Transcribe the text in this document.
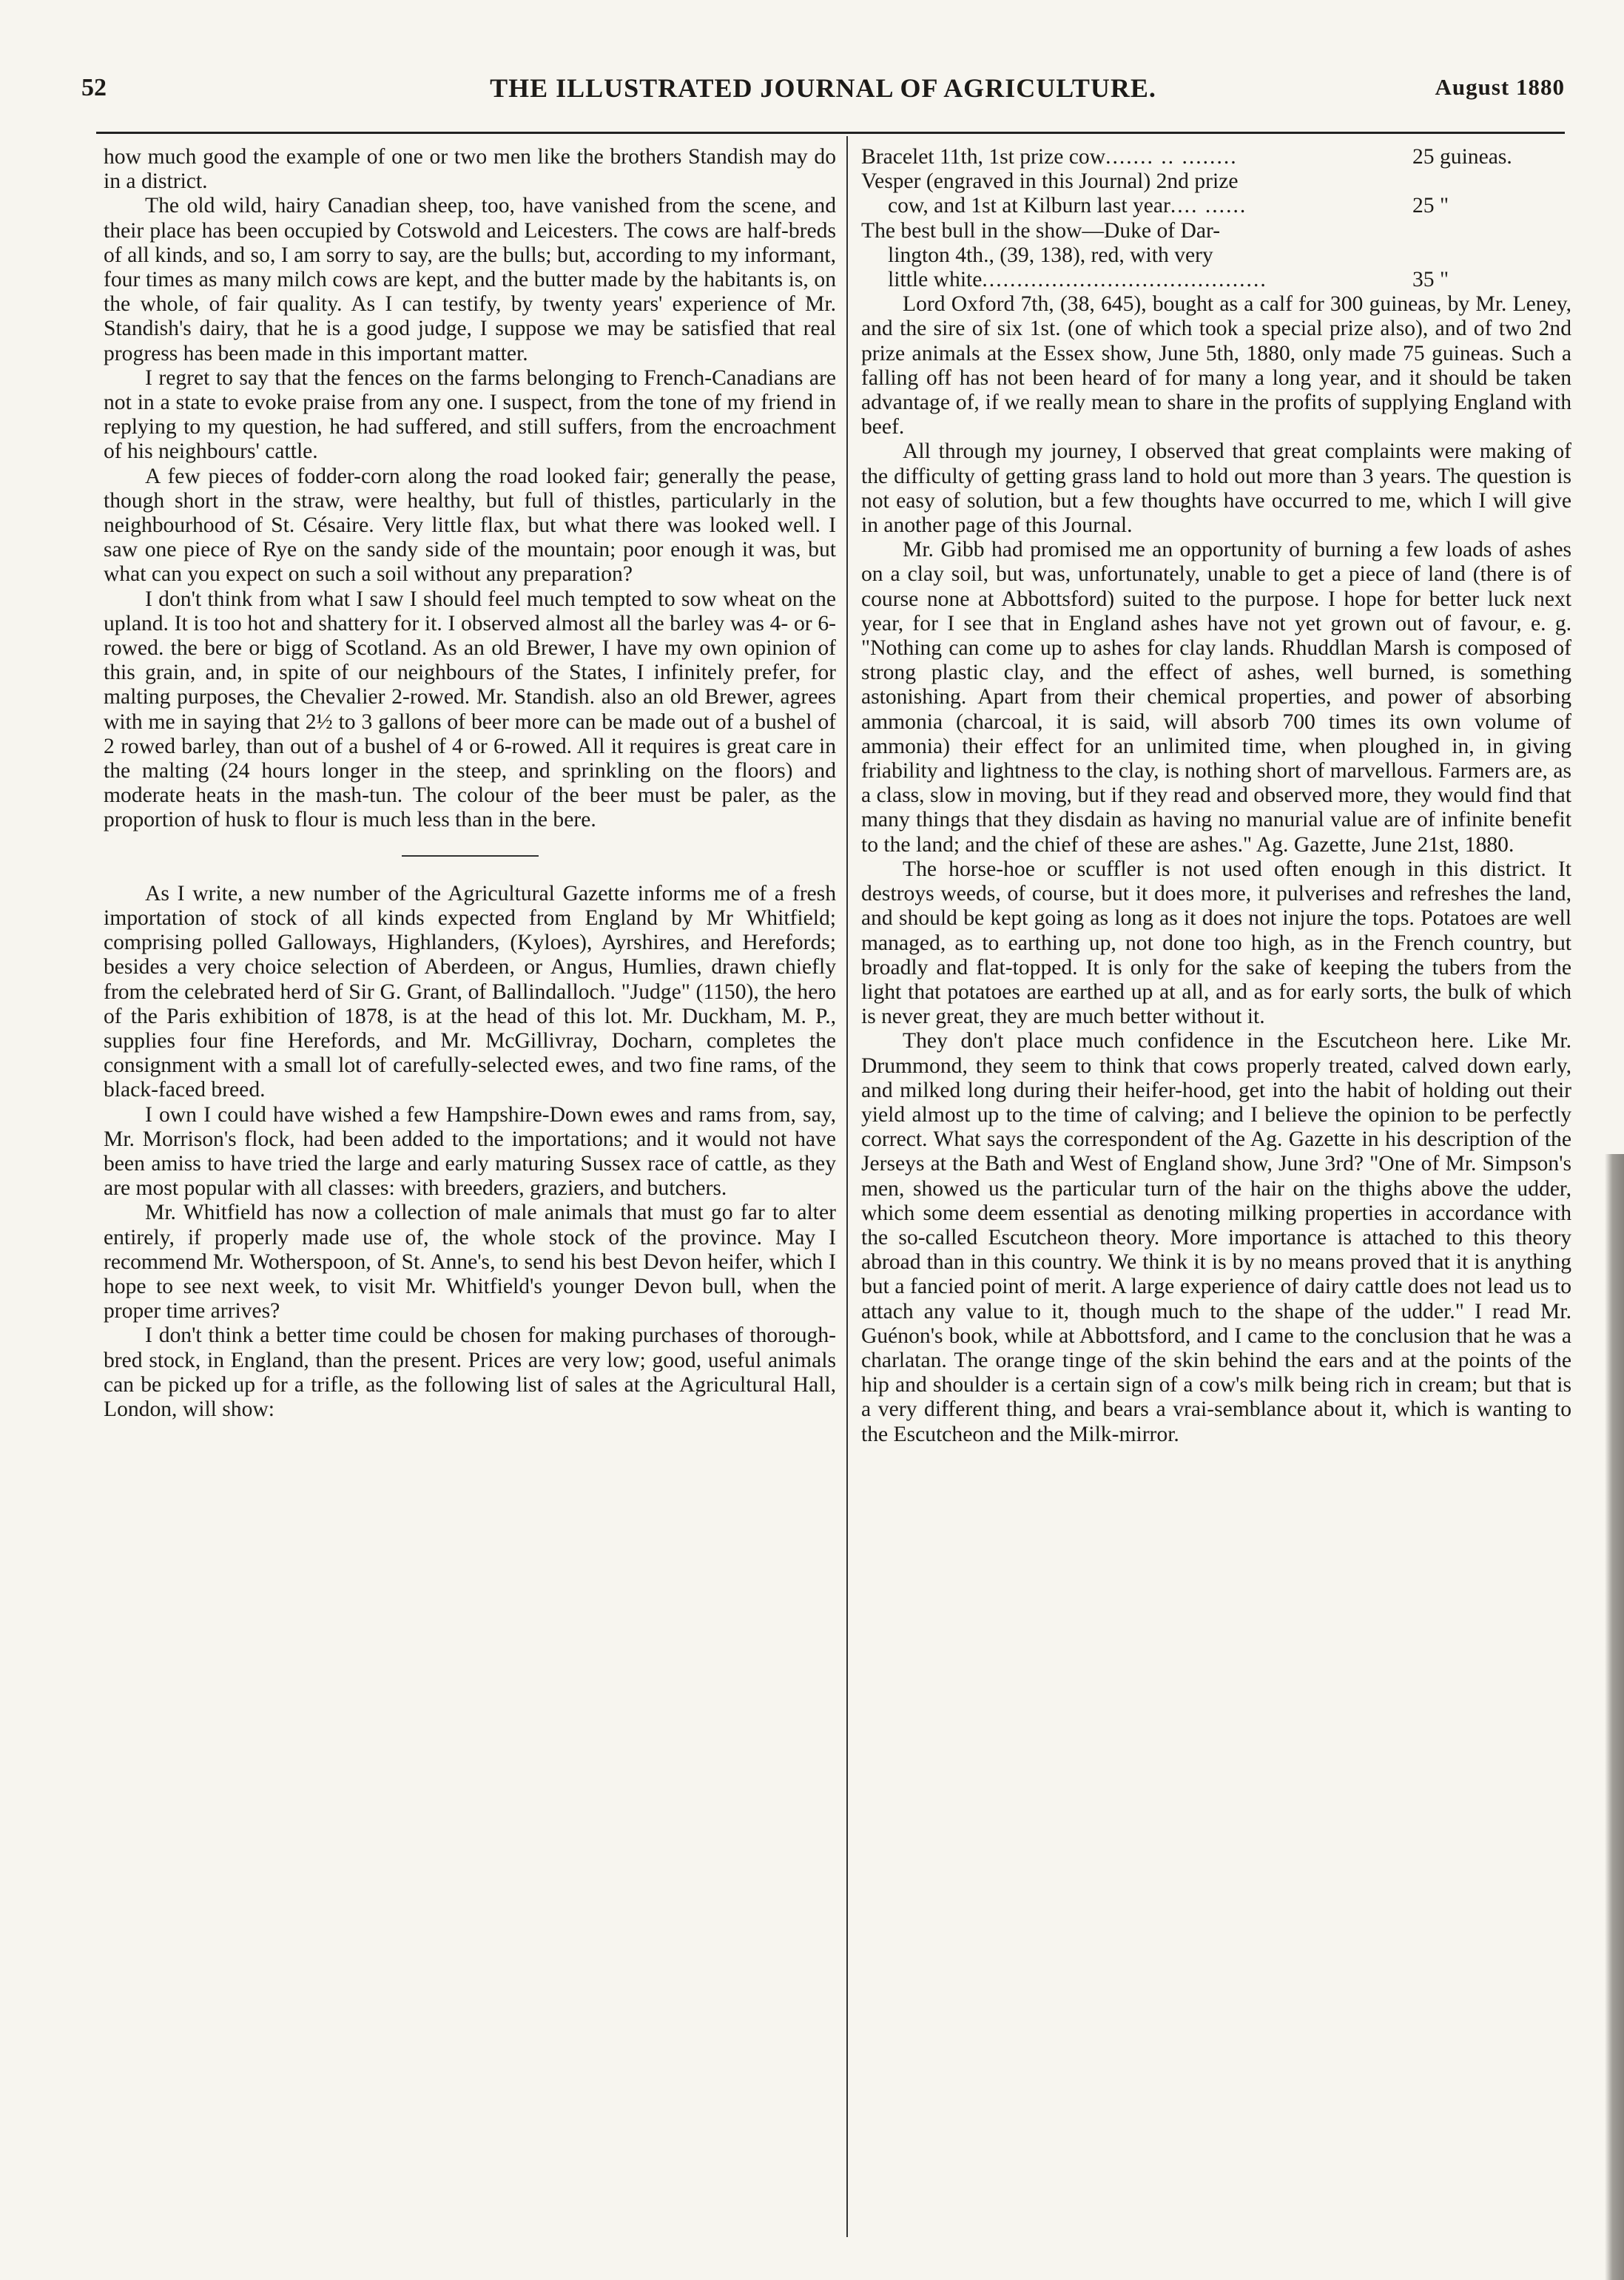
52	THE ILLUSTRATED JOURNAL OF AGRICULTURE.	August 1880

how much good the example of one or two men like the brothers Standish may do in a district.

The old wild, hairy Canadian sheep, too, have vanished from the scene, and their place has been occupied by Cotswold and Leicesters. The cows are half-breds of all kinds, and so, I am sorry to say, are the bulls; but, according to my informant, four times as many milch cows are kept, and the butter made by the habitants is, on the whole, of fair quality. As I can testify, by twenty years' experience of Mr. Standish's dairy, that he is a good judge, I suppose we may be satisfied that real progress has been made in this important matter.

I regret to say that the fences on the farms belonging to French-Canadians are not in a state to evoke praise from any one. I suspect, from the tone of my friend in replying to my question, he had suffered, and still suffers, from the encroachment of his neighbours' cattle.

A few pieces of fodder-corn along the road looked fair; generally the pease, though short in the straw, were healthy, but full of thistles, particularly in the neighbourhood of St. Césaire. Very little flax, but what there was looked well. I saw one piece of Rye on the sandy side of the mountain; poor enough it was, but what can you expect on such a soil without any preparation?

I don't think from what I saw I should feel much tempted to sow wheat on the upland. It is too hot and shattery for it. I observed almost all the barley was 4- or 6-rowed. the bere or bigg of Scotland. As an old Brewer, I have my own opinion of this grain, and, in spite of our neighbours of the States, I infinitely prefer, for malting purposes, the Chevalier 2-rowed. Mr. Standish. also an old Brewer, agrees with me in saying that 2½ to 3 gallons of beer more can be made out of a bushel of 2 rowed barley, than out of a bushel of 4 or 6-rowed. All it requires is great care in the malting (24 hours longer in the steep, and sprinkling on the floors) and moderate heats in the mash-tun. The colour of the beer must be paler, as the proportion of husk to flour is much less than in the bere.

As I write, a new number of the Agricultural Gazette informs me of a fresh importation of stock of all kinds expected from England by Mr Whitfield; comprising polled Galloways, Highlanders, (Kyloes), Ayrshires, and Herefords; besides a very choice selection of Aberdeen, or Angus, Humlies, drawn chiefly from the celebrated herd of Sir G. Grant, of Ballindalloch. "Judge" (1150), the hero of the Paris exhibition of 1878, is at the head of this lot. Mr. Duckham, M. P., supplies four fine Herefords, and Mr. McGillivray, Docharn, completes the consignment with a small lot of carefully-selected ewes, and two fine rams, of the black-faced breed.

I own I could have wished a few Hampshire-Down ewes and rams from, say, Mr. Morrison's flock, had been added to the importations; and it would not have been amiss to have tried the large and early maturing Sussex race of cattle, as they are most popular with all classes: with breeders, graziers, and butchers.

Mr. Whitfield has now a collection of male animals that must go far to alter entirely, if properly made use of, the whole stock of the province. May I recommend Mr. Wotherspoon, of St. Anne's, to send his best Devon heifer, which I hope to see next week, to visit Mr. Whitfield's younger Devon bull, when the proper time arrives?

I don't think a better time could be chosen for making purchases of thorough-bred stock, in England, than the present. Prices are very low; good, useful animals can be picked up for a trifle, as the following list of sales at the Agricultural Hall, London, will show:

Bracelet 11th, 1st prize cow ....... .. ........	25 guineas.
Vesper (engraved in this Journal) 2nd prize
cow, and 1st at Kilburn last year .... ......	25 "
The best bull in the show—Duke of Dar-
lington 4th., (39, 138), red, with very
little white .........................................	35 "

Lord Oxford 7th, (38, 645), bought as a calf for 300 guineas, by Mr. Leney, and the sire of six 1st. (one of which took a special prize also), and of two 2nd prize animals at the Essex show, June 5th, 1880, only made 75 guineas. Such a falling off has not been heard of for many a long year, and it should be taken advantage of, if we really mean to share in the profits of supplying England with beef.

All through my journey, I observed that great complaints were making of the difficulty of getting grass land to hold out more than 3 years. The question is not easy of solution, but a few thoughts have occurred to me, which I will give in another page of this Journal.

Mr. Gibb had promised me an opportunity of burning a few loads of ashes on a clay soil, but was, unfortunately, unable to get a piece of land (there is of course none at Abbottsford) suited to the purpose. I hope for better luck next year, for I see that in England ashes have not yet grown out of favour, e. g. "Nothing can come up to ashes for clay lands. Rhuddlan Marsh is composed of strong plastic clay, and the effect of ashes, well burned, is something astonishing. Apart from their chemical properties, and power of absorbing ammonia (charcoal, it is said, will absorb 700 times its own volume of ammonia) their effect for an unlimited time, when ploughed in, in giving friability and lightness to the clay, is nothing short of marvellous. Farmers are, as a class, slow in moving, but if they read and observed more, they would find that many things that they disdain as having no manurial value are of infinite benefit to the land; and the chief of these are ashes." Ag. Gazette, June 21st, 1880.

The horse-hoe or scuffler is not used often enough in this district. It destroys weeds, of course, but it does more, it pulverises and refreshes the land, and should be kept going as long as it does not injure the tops. Potatoes are well managed, as to earthing up, not done too high, as in the French country, but broadly and flat-topped. It is only for the sake of keeping the tubers from the light that potatoes are earthed up at all, and as for early sorts, the bulk of which is never great, they are much better without it.

They don't place much confidence in the Escutcheon here. Like Mr. Drummond, they seem to think that cows properly treated, calved down early, and milked long during their heifer-hood, get into the habit of holding out their yield almost up to the time of calving; and I believe the opinion to be perfectly correct. What says the correspondent of the Ag. Gazette in his description of the Jerseys at the Bath and West of England show, June 3rd? "One of Mr. Simpson's men, showed us the particular turn of the hair on the thighs above the udder, which some deem essential as denoting milking properties in accordance with the so-called Escutcheon theory. More importance is attached to this theory abroad than in this country. We think it is by no means proved that it is anything but a fancied point of merit. A large experience of dairy cattle does not lead us to attach any value to it, though much to the shape of the udder." I read Mr. Guénon's book, while at Abbottsford, and I came to the conclusion that he was a charlatan. The orange tinge of the skin behind the ears and at the points of the hip and shoulder is a certain sign of a cow's milk being rich in cream; but that is a very different thing, and bears a vrai-semblance about it, which is wanting to the Escutcheon and the Milk-mirror.
